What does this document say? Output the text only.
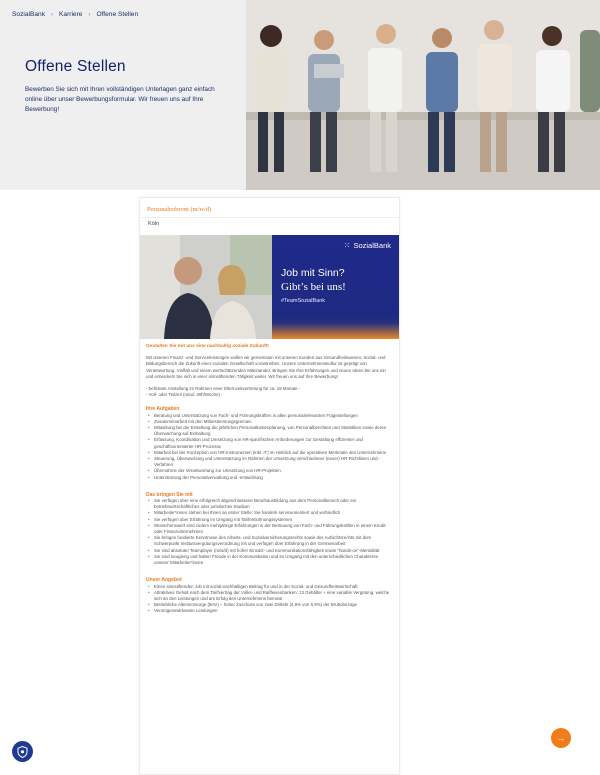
SozialBank › Karriere › Offene Stellen
Offene Stellen

Bewerben Sie sich mit Ihren vollständigen Unterlagen ganz einfach online über unser Bewerbungsformular. Wir freuen uns auf Ihre Bewerbung!

Personalreferent (m/w/d)
Köln
⁙ SozialBank
Job mit Sinn?
Gibt’s bei uns!
#TeamSozialBank

Gestalten Sie mit uns eine nachhaltig soziale Zukunft!

Mit unseren Finanz- und Serviceleistungen wollen wir gemeinsam mit unseren Kunden aus Gesundheitswesen, Sozial- und Bildungsbereich die Zukunft einer sozialen Gesellschaft vorantreiben. Unsere Unternehmenskultur ist geprägt von Verantwortung, Vielfalt und einem wertschätzenden Miteinander. Bringen Sie Ihre Erfahrungen und neuen Ideen bei uns ein und entwickeln Sie sich in einer sinnstiftenden Tätigkeit weiter. Wir freuen uns auf Ihre Bewerbung!

- befristete Anstellung im Rahmen einer Elternzeitvertretung für ca. 18 Monate -

- Voll- oder Teilzeit (mind. 30h/Woche) -

Ihre Aufgaben

• Beratung und Unterstützung von Fach- und Führungskräften in allen personalrelevanten Fragestellungen
• Zusammenarbeit mit den Mitbestimmungsgremien
• Mitwirkung bei der Erstellung der jährlichen Personalkostenplanung, von Personalberichten und Statistiken sowie deren Überwachung auf Einhaltung
• Erfassung, Koordination und Umsetzung von HR-spezifischen Anforderungen zur Gestaltung effizienter und geschäftsorientierter HR-Prozesse
• Mitarbeit bei der Konzeption von HR-Instrumenten (inkl. IT) im Hinblick auf die operativen Merkmale des Unternehmens
• Steuerung, Überwachung und Unterstützung im Rahmen der Umsetzung verschiedener (neuer) HR-Richtlinien und -Verfahren
• Übernahme der Verantwortung zur Umsetzung von HR-Projekten
• Unterstützung der Personalverwaltung und -entwicklung

Das bringen Sie mit

• Sie verfügen über eine erfolgreich abgeschlossene Berufsausbildung aus dem Personalbereich oder ein betriebswirtschaftliches oder juristisches Studium
• Mitarbeiter*innen stehen bei Ihnen an erster Stelle: Sie handeln serviceorientiert und verbindlich
• Sie verfügen über Erfahrung im Umgang mit Tarifentlohnungssystemen
• Wünschenswert sind zudem mehrjährige Erfahrungen in der Betreuung von Fach- und Führungskräften in einem Kredit- oder Finanzunternehmen
• Sie bringen fundierte Kenntnisse des Arbeits- und Sozialversicherungsrechts sowie des Aufsichtsrechts mit dem Schwerpunkt Institutsvergütungsverordnung mit und verfügen über Erfahrung in der Gremienarbeit
• Sie sind absoluter Teamplayer (m/w/d) mit hoher Einsatz- und Kommunikationsfähigkeit sowie "hands-on"-Mentalität
• Sie sind neugierig und haben Freude in der Kommunikation und im Umgang mit den unterschiedlichen Charakteren unserer Mitarbeiter*innen

Unser Angebot

• Einen sinnstiftenden Job mit sozial-nachhaltigen Beitrag für und in der Sozial- und Gesundheitswirtschaft
• Attraktives Gehalt nach dem Tarifvertrag der Volks- und Raiffeisenbanken: 13 Gehälter + eine variable Vergütung, welche sich an den Leistungen und am Erfolg des Unternehmens bemisst
• Betriebliche Altersvorsorge (BAV) – hoher Zuschuss von zwei Dritteln (4,6% von 6,9%) der Bruttobezüge
• Vermögenswirksame Leistungen
→
